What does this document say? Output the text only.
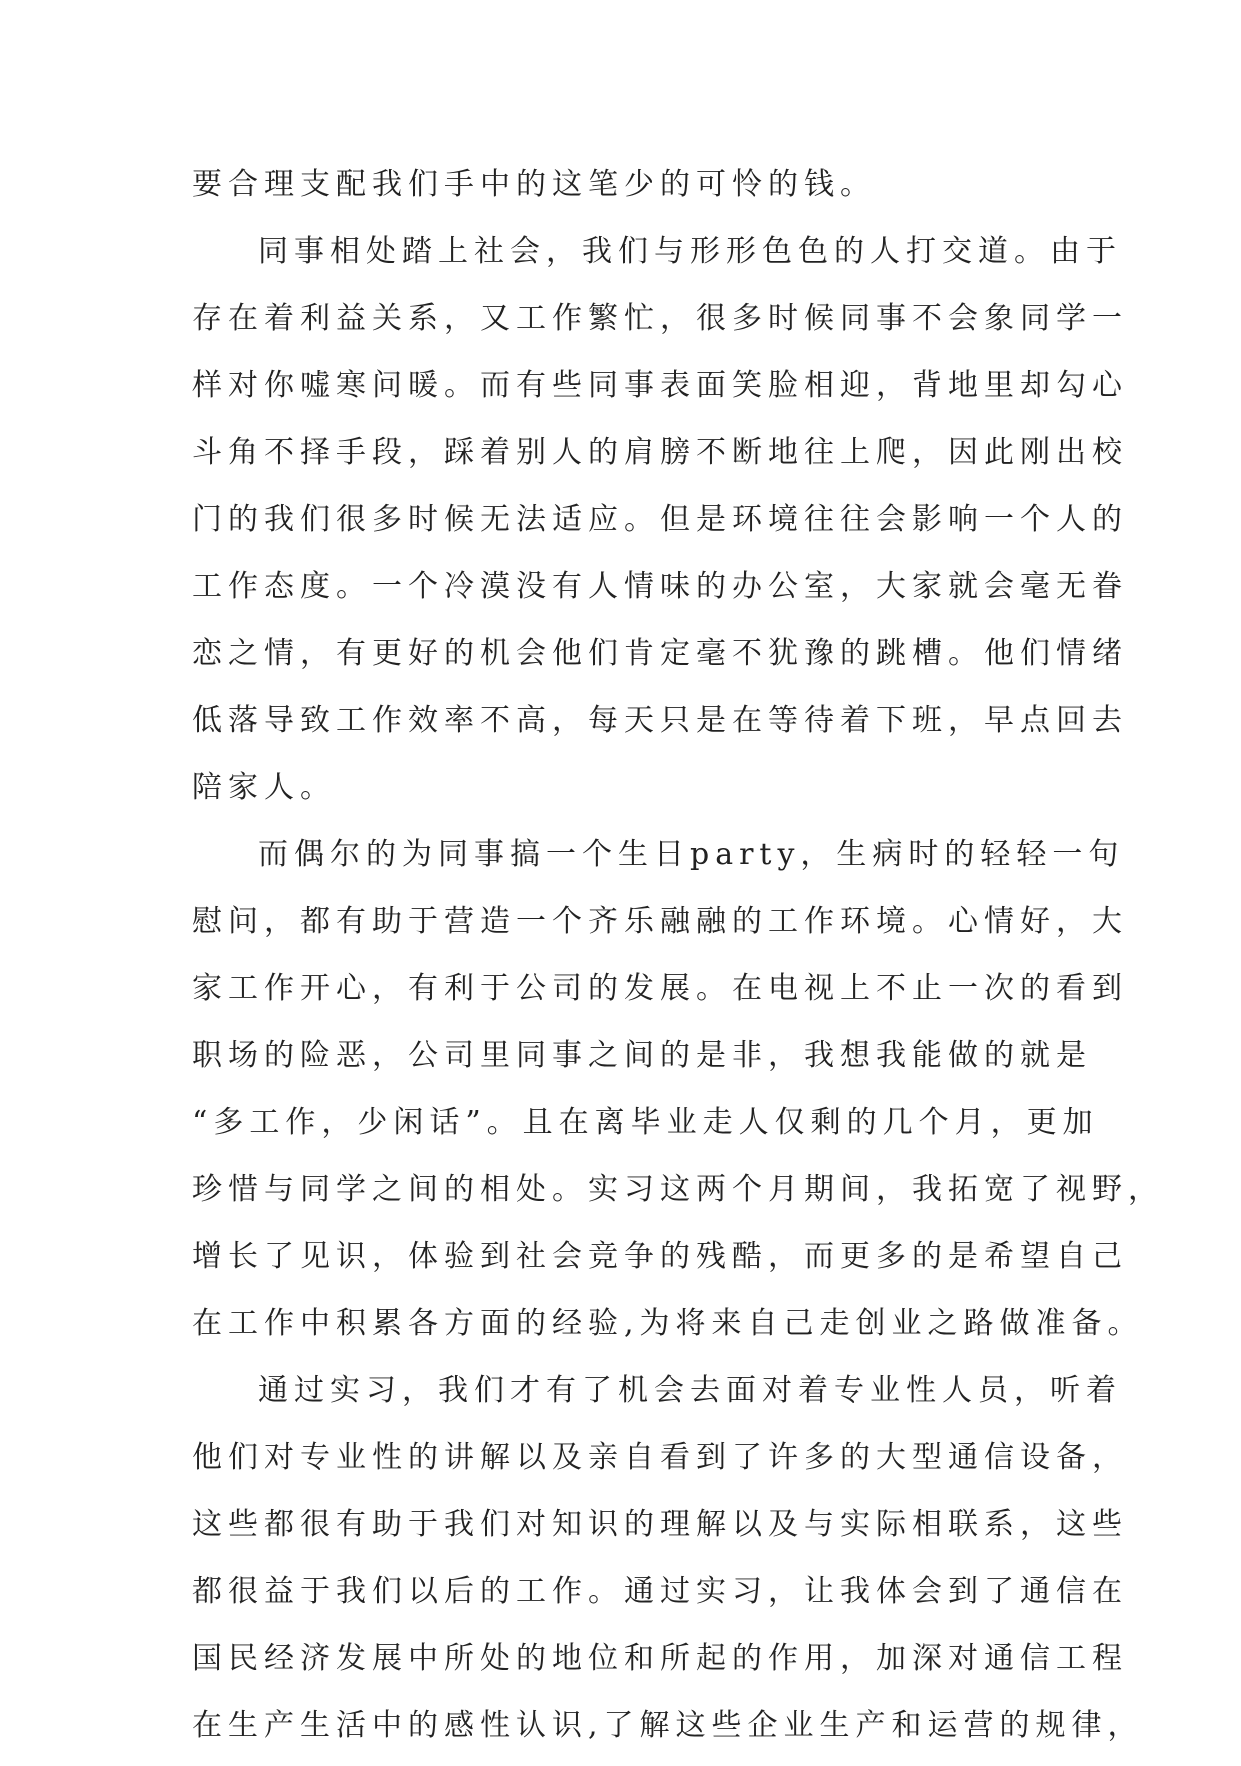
要合理支配我们手中的这笔少的可怜的钱。
同事相处踏上社会，我们与形形色色的人打交道。由于
存在着利益关系，又工作繁忙，很多时候同事不会象同学一
样对你嘘寒问暖。而有些同事表面笑脸相迎，背地里却勾心
斗角不择手段，踩着别人的肩膀不断地往上爬，因此刚出校
门的我们很多时候无法适应。但是环境往往会影响一个人的
工作态度。一个冷漠没有人情味的办公室，大家就会毫无眷
恋之情，有更好的机会他们肯定毫不犹豫的跳槽。他们情绪
低落导致工作效率不高，每天只是在等待着下班，早点回去
陪家人。
而偶尔的为同事搞一个生日party，生病时的轻轻一句
慰问，都有助于营造一个齐乐融融的工作环境。心情好，大
家工作开心，有利于公司的发展。在电视上不止一次的看到
职场的险恶，公司里同事之间的是非，我想我能做的就是
“多工作，少闲话”。且在离毕业走人仅剩的几个月，更加
珍惜与同学之间的相处。实习这两个月期间，我拓宽了视野，
增长了见识，体验到社会竞争的残酷，而更多的是希望自己
在工作中积累各方面的经验,为将来自己走创业之路做准备。
通过实习，我们才有了机会去面对着专业性人员，听着
他们对专业性的讲解以及亲自看到了许多的大型通信设备，
这些都很有助于我们对知识的理解以及与实际相联系，这些
都很益于我们以后的工作。通过实习，让我体会到了通信在
国民经济发展中所处的地位和所起的作用，加深对通信工程
在生产生活中的感性认识,了解这些企业生产和运营的规律，
